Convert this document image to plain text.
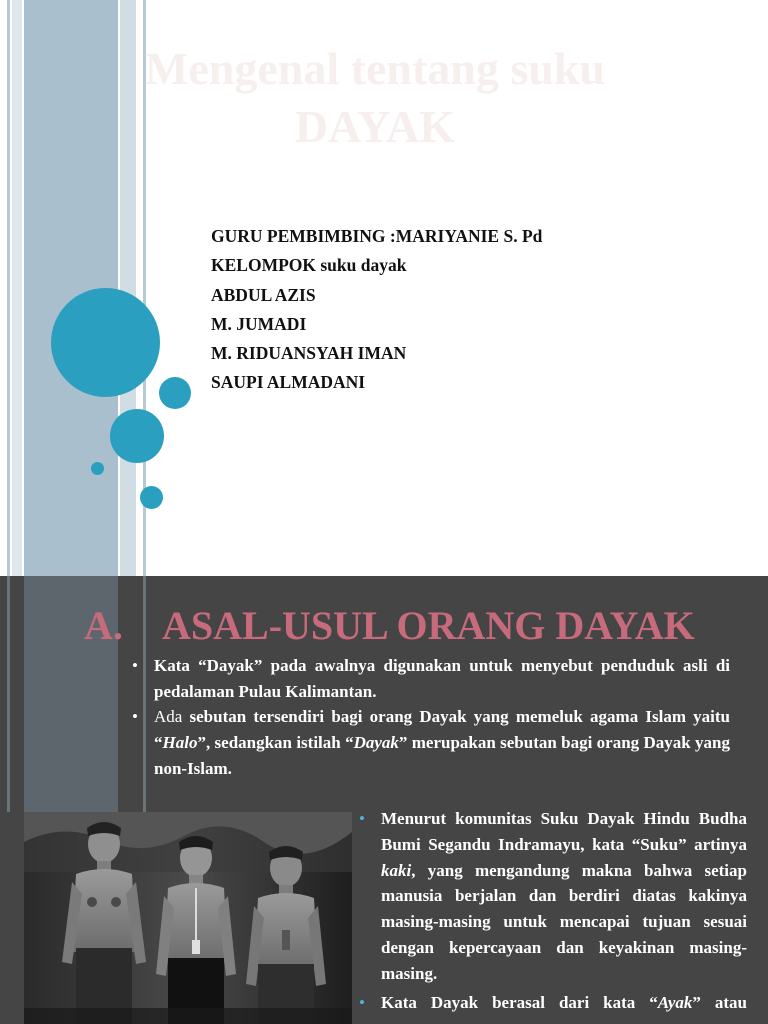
Mengenal tentang suku
DAYAK
GURU PEMBIMBING :MARIYANIE S. Pd
KELOMPOK suku dayak
ABDUL AZIS
M. JUMADI
M. RIDUANSYAH IMAN
SAUPI ALMADANI
A. ASAL-USUL ORANG DAYAK
• Kata “Dayak” pada awalnya digunakan untuk menyebut penduduk asli di pedalaman Pulau Kalimantan.
• Ada sebutan tersendiri bagi orang Dayak yang memeluk agama Islam yaitu “Halo”, sedangkan istilah “Dayak” merupakan sebutan bagi orang Dayak yang non-Islam.
• Menurut komunitas Suku Dayak Hindu Budha Bumi Segandu Indramayu, kata “Suku” artinya kaki, yang mengandung makna bahwa setiap manusia berjalan dan berdiri diatas kakinya masing-masing untuk mencapai tujuan sesuai dengan kepercayaan dan keyakinan masing-masing.
• Kata Dayak berasal dari kata “Ayak” atau
